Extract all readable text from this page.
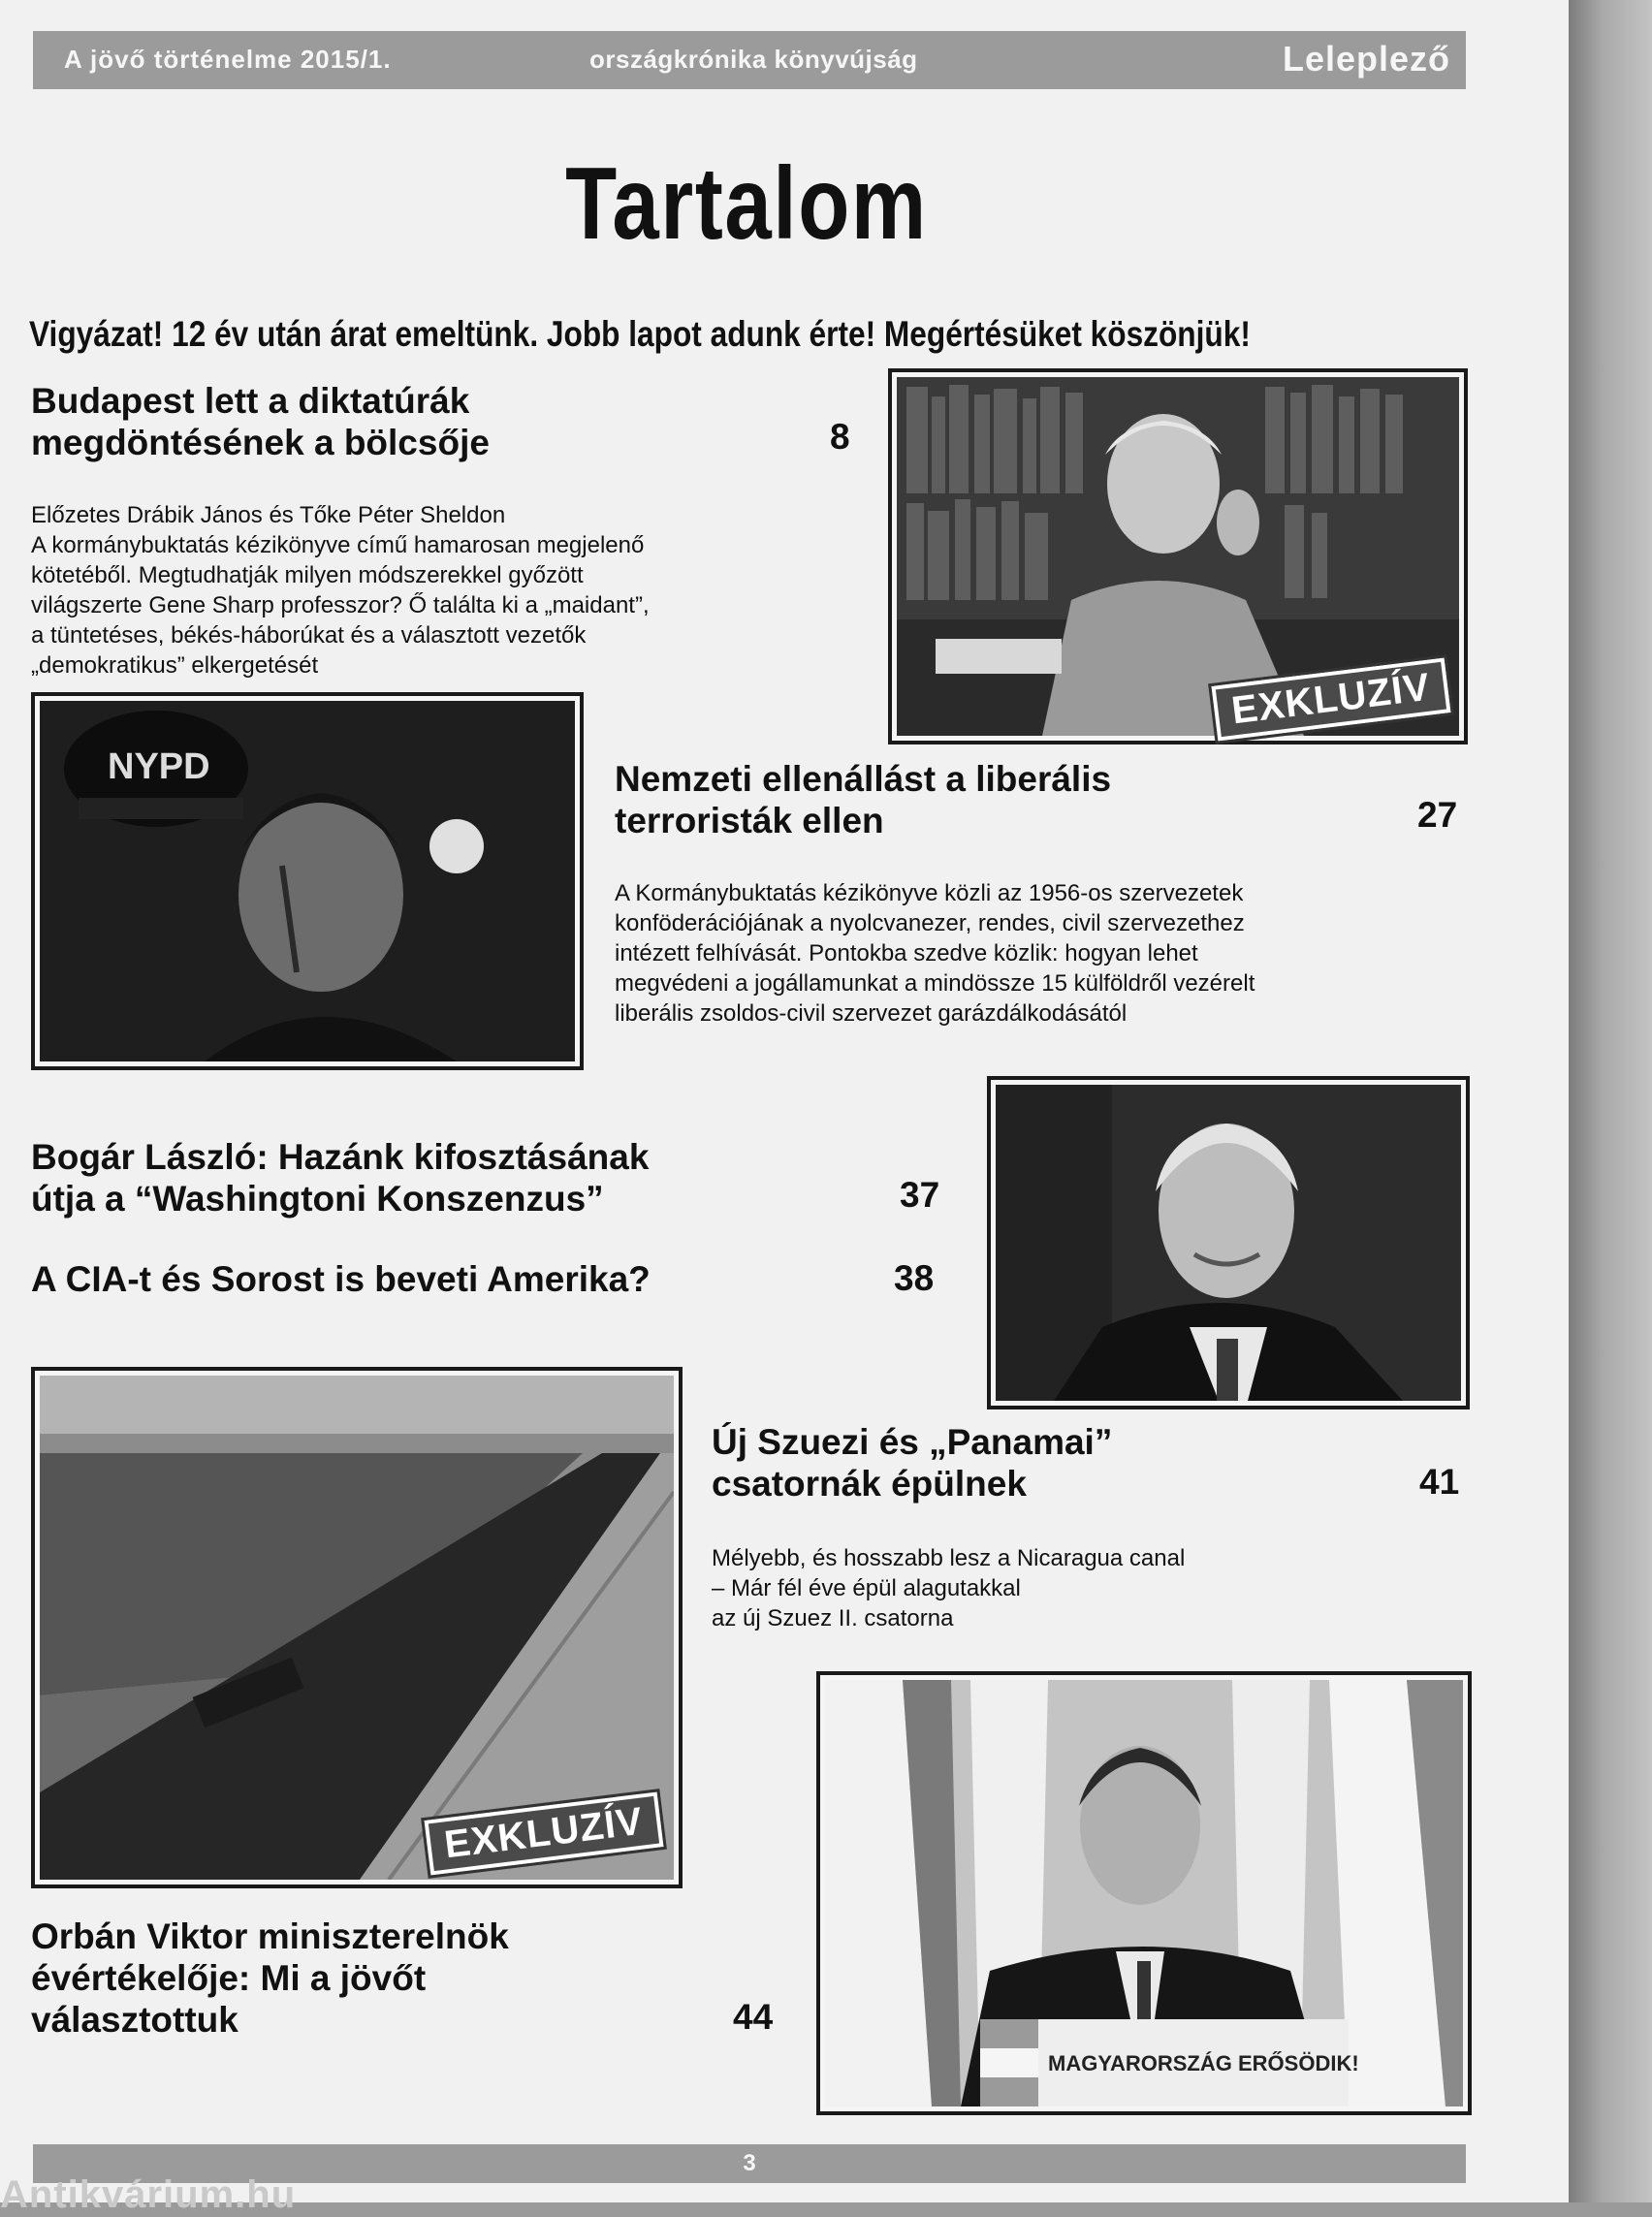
A jövő történelme 2015/1.	országkrónika könyvújság	Leleplező
Tartalom
Vigyázat! 12 év után árat emeltünk. Jobb lapot adunk érte! Megértésüket köszönjük!
Budapest lett a diktatúrák
megdöntésének a bölcsője	8
Előzetes Drábik János és Tőke Péter Sheldon
A kormánybuktatás kézikönyve című hamarosan megjelenő
kötetéből. Megtudhatják milyen módszerekkel győzött
világszerte Gene Sharp professzor? Ő találta ki a „maidant”,
a tüntetéses, békés-háborúkat és a választott vezetők
„demokratikus” elkergetését
EXKLUZÍV
NYPD	Nemzeti ellenállást a liberális
terroristák ellen	27
A Kormánybuktatás kézikönyve közli az 1956-os szervezetek
konföderációjának a nyolcvanezer, rendes, civil szervezethez
intézett felhívását. Pontokba szedve közlik: hogyan lehet
megvédeni a jogállamunkat a mindössze 15 külföldről vezérelt
liberális zsoldos-civil szervezet garázdálkodásától
Bogár László: Hazánk kifosztásának
útja a “Washingtoni Konszenzus”	37
A CIA-t és Sorost is beveti Amerika?	38
EXKLUZÍV
Új Szuezi és „Panamai”
csatornák épülnek	41
Mélyebb, és hosszabb lesz a Nicaragua canal
– Már fél éve épül alagutakkal
az új Szuez II. csatorna
MAGYARORSZÁG ERŐSÖDIK!
Orbán Viktor miniszterelnök
évértékelője: Mi a jövőt
választottuk	44
3
Antikvárium.hu
